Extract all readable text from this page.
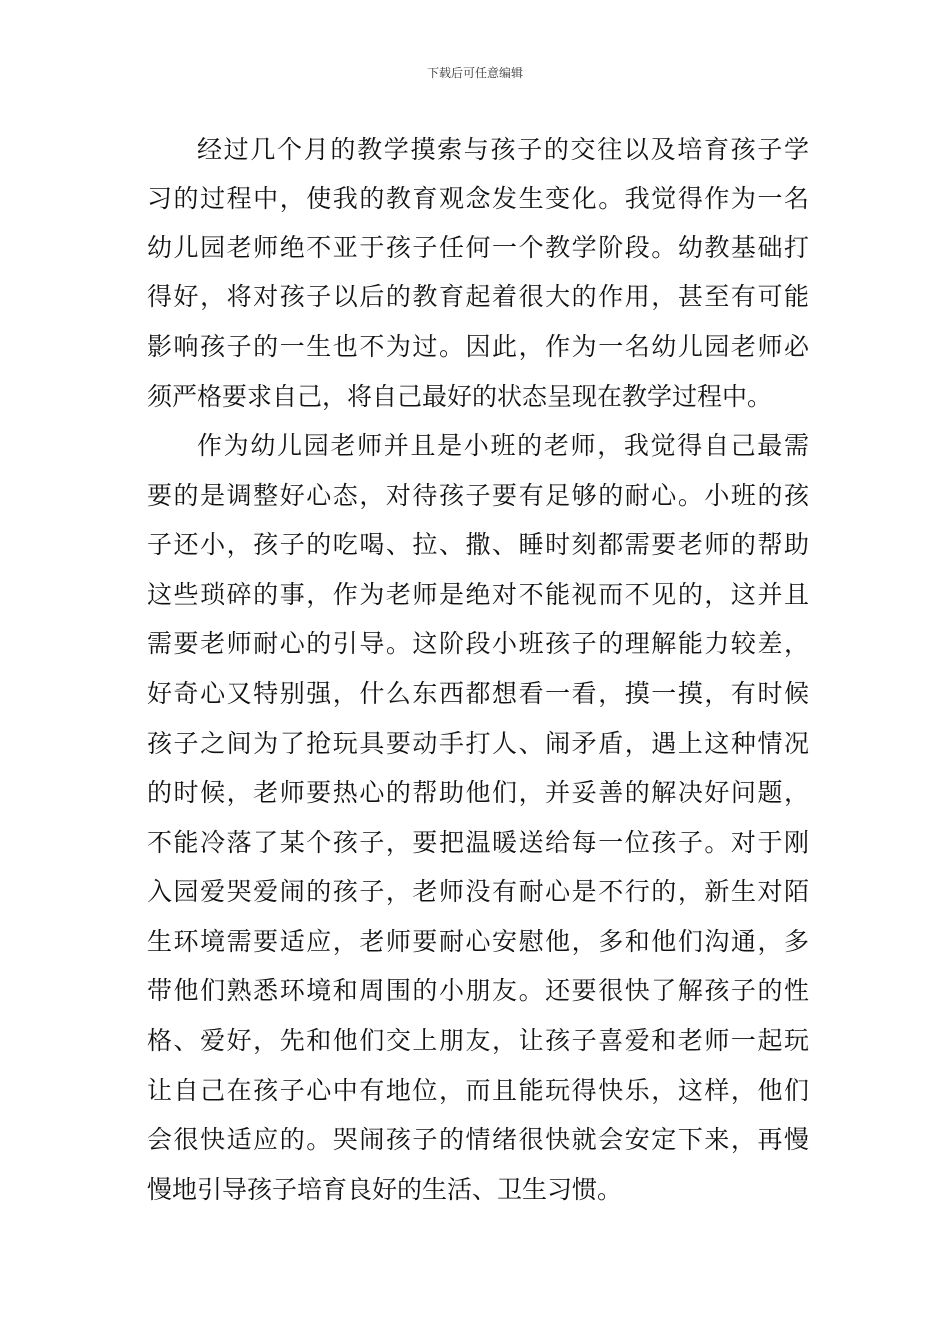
下载后可任意编辑
经过几个月的教学摸索与孩子的交往以及培育孩子学
习的过程中，使我的教育观念发生变化。我觉得作为一名
幼儿园老师绝不亚于孩子任何一个教学阶段。幼教基础打
得好，将对孩子以后的教育起着很大的作用，甚至有可能
影响孩子的一生也不为过。因此，作为一名幼儿园老师必
须严格要求自己，将自己最好的状态呈现在教学过程中。
作为幼儿园老师并且是小班的老师，我觉得自己最需
要的是调整好心态，对待孩子要有足够的耐心。小班的孩
子还小，孩子的吃喝、拉、撒、睡时刻都需要老师的帮助
这些琐碎的事，作为老师是绝对不能视而不见的，这并且
需要老师耐心的引导。这阶段小班孩子的理解能力较差，
好奇心又特别强，什么东西都想看一看，摸一摸，有时候
孩子之间为了抢玩具要动手打人、闹矛盾，遇上这种情况
的时候，老师要热心的帮助他们，并妥善的解决好问题，
不能冷落了某个孩子，要把温暖送给每一位孩子。对于刚
入园爱哭爱闹的孩子，老师没有耐心是不行的，新生对陌
生环境需要适应，老师要耐心安慰他，多和他们沟通，多
带他们熟悉环境和周围的小朋友。还要很快了解孩子的性
格、爱好，先和他们交上朋友，让孩子喜爱和老师一起玩
让自己在孩子心中有地位，而且能玩得快乐，这样，他们
会很快适应的。哭闹孩子的情绪很快就会安定下来，再慢
慢地引导孩子培育良好的生活、卫生习惯。
